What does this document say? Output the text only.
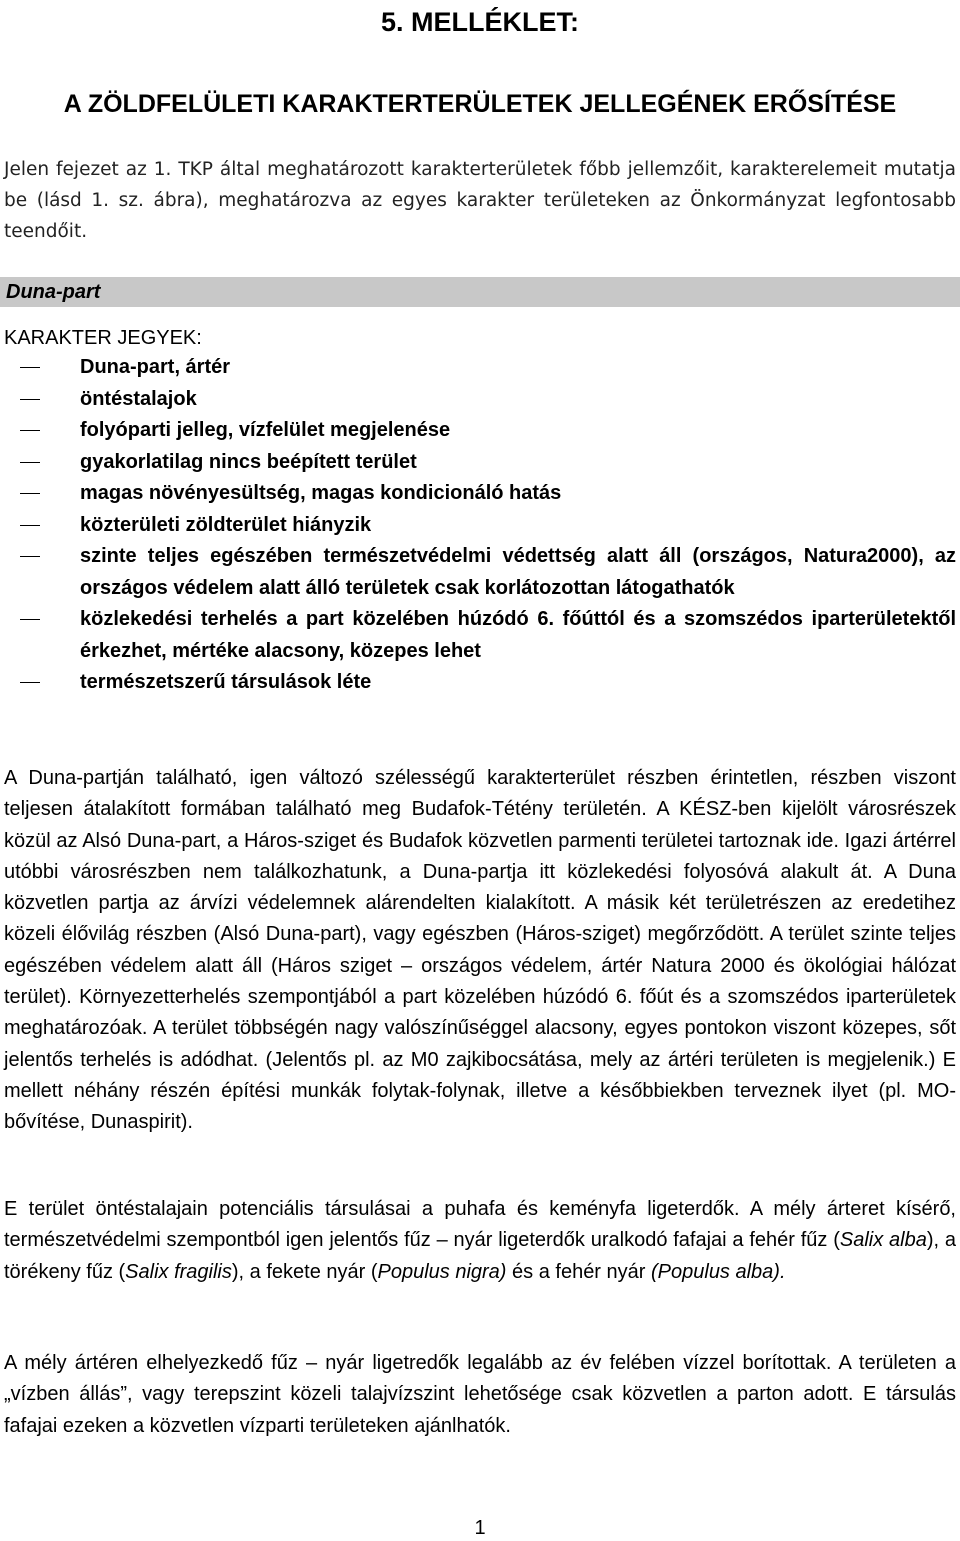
5. MELLÉKLET:
A ZÖLDFELÜLETI KARAKTERTERÜLETEK JELLEGÉNEK ERŐSÍTÉSE

Jelen fejezet az 1. TKP által meghatározott karakterterületek főbb jellemzőit, karakterelemeit mutatja be (lásd 1. sz. ábra), meghatározva az egyes karakter területeken az Önkormányzat legfontosabb teendőit.

Duna-part

KARAKTER JEGYEK:

Duna-part, ártér
öntéstalajok
folyóparti jelleg, vízfelület megjelenése
gyakorlatilag nincs beépített terület
magas növényesültség, magas kondicionáló hatás
közterületi zöldterület hiányzik
szinte teljes egészében természetvédelmi védettség alatt áll (országos, Natura2000), az országos védelem alatt álló területek csak korlátozottan látogathatók
közlekedési terhelés a part közelében húzódó 6. főúttól és a szomszédos iparterületektől érkezhet, mértéke alacsony, közepes lehet
természetszerű társulások léte

A Duna-partján található, igen változó szélességű karakterterület részben érintetlen, részben viszont teljesen átalakított formában található meg Budafok-Tétény területén. A KÉSZ-ben kijelölt városrészek közül az Alsó Duna-part, a Háros-sziget és Budafok közvetlen parmenti területei tartoznak ide. Igazi ártérrel utóbbi városrészben nem találkozhatunk, a Duna-partja itt közlekedési folyosóvá alakult át. A Duna közvetlen partja az árvízi védelemnek alárendelten kialakított. A másik két területrészen az eredetihez közeli élővilág részben (Alsó Duna-part), vagy egészben (Háros-sziget) megőrződött. A terület szinte teljes egészében védelem alatt áll (Háros sziget – országos védelem, ártér Natura 2000 és ökológiai hálózat terület). Környezetterhelés szempontjából a part közelében húzódó 6. főút és a szomszédos iparterületek meghatározóak. A terület többségén nagy valószínűséggel alacsony, egyes pontokon viszont közepes, sőt jelentős terhelés is adódhat. (Jelentős pl. az M0 zajkibocsátása, mely az ártéri területen is megjelenik.) E mellett néhány részén építési munkák folytak-folynak, illetve a későbbiekben terveznek ilyet (pl. MO-bővítése, Dunaspirit).

E terület öntéstalajain potenciális társulásai a puhafa és keményfa ligeterdők. A mély árteret kísérő, természetvédelmi szempontból igen jelentős fűz – nyár ligeterdők uralkodó fafajai a fehér fűz (Salix alba), a törékeny fűz (Salix fragilis), a fekete nyár (Populus nigra) és a fehér nyár (Populus alba).

A mély ártéren elhelyezkedő fűz – nyár ligetredők legalább az év felében vízzel borítottak. A területen a „vízben állás”, vagy terepszint közeli talajvízszint lehetősége csak közvetlen a parton adott. E társulás fafajai ezeken a közvetlen vízparti területeken ajánlhatók.

1
